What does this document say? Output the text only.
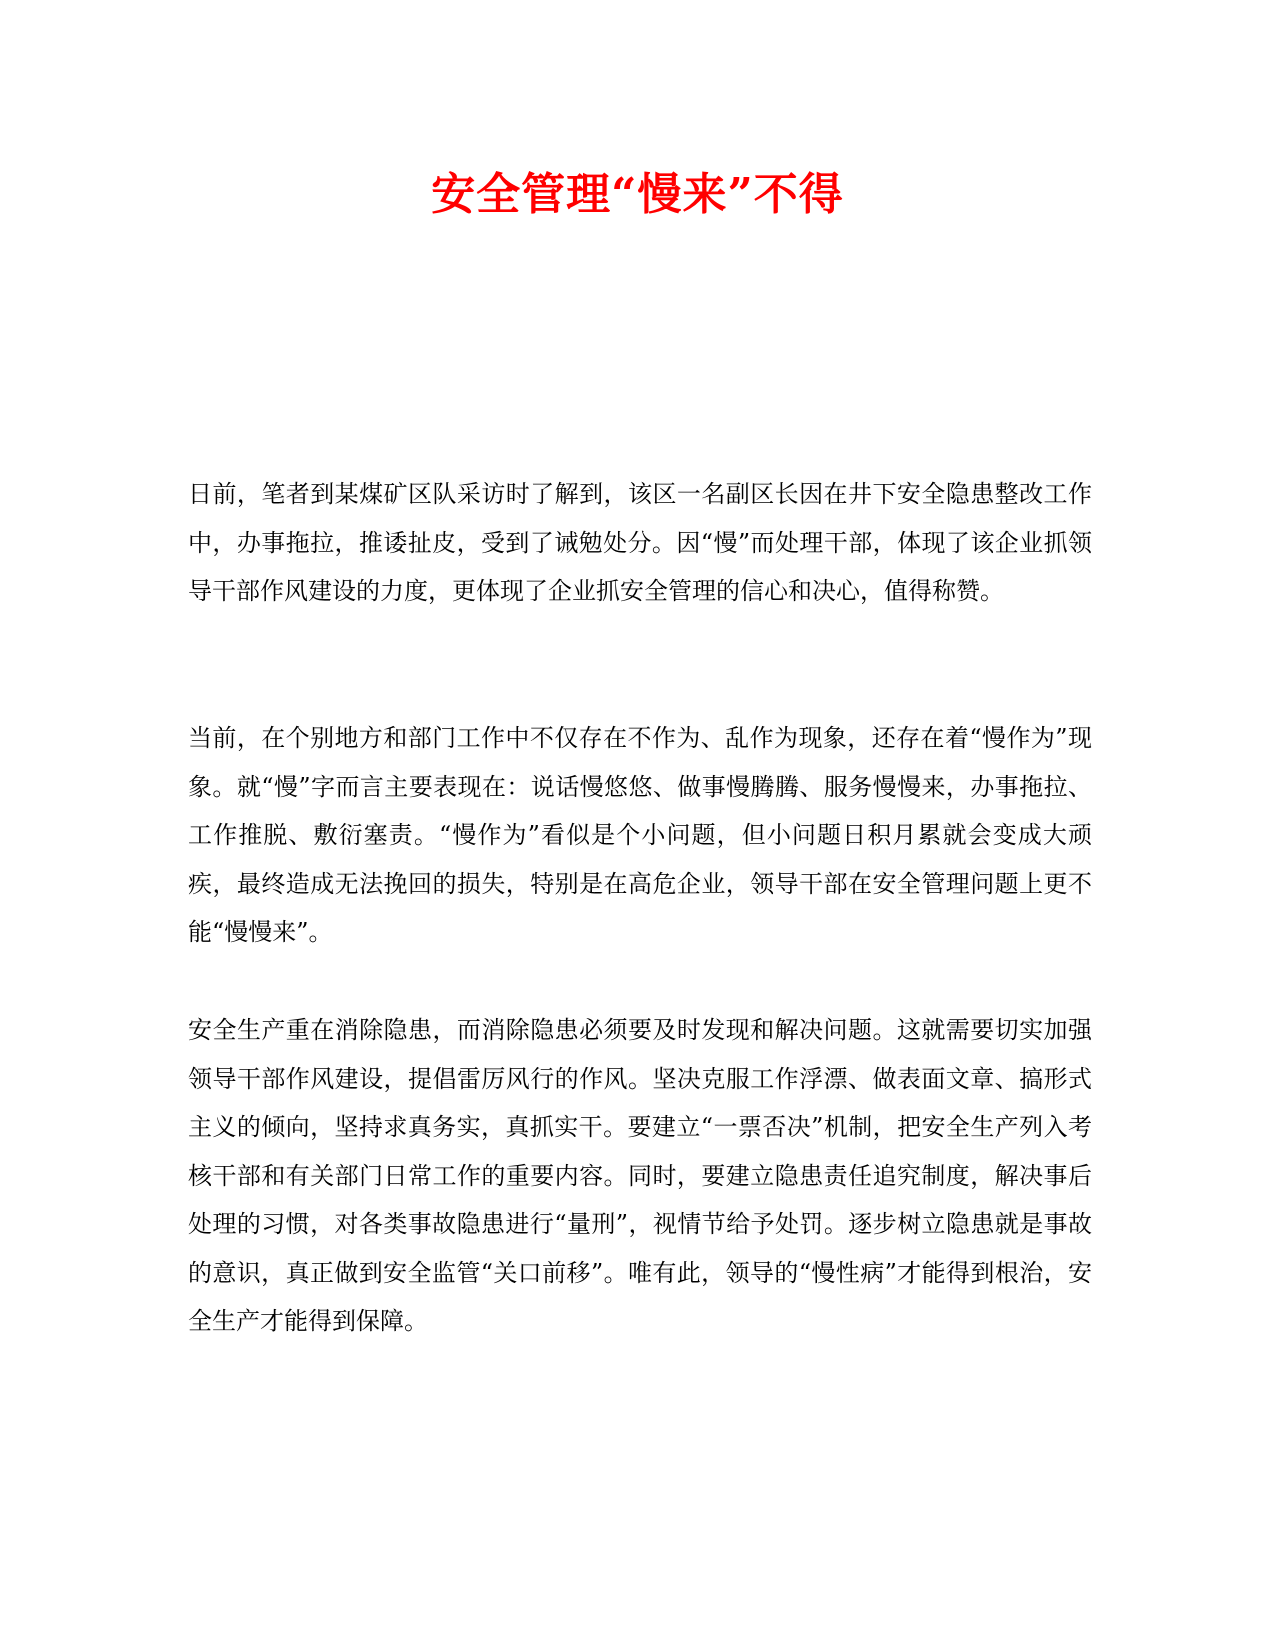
安全管理“慢来”不得

日前，笔者到某煤矿区队采访时了解到，该区一名副区长因在井下安全隐患整改工作中，办事拖拉，推诿扯皮，受到了诫勉处分。因“慢”而处理干部，体现了该企业抓领导干部作风建设的力度，更体现了企业抓安全管理的信心和决心，值得称赞。

当前，在个别地方和部门工作中不仅存在不作为、乱作为现象，还存在着“慢作为”现象。就“慢”字而言主要表现在：说话慢悠悠、做事慢腾腾、服务慢慢来，办事拖拉、工作推脱、敷衍塞责。“慢作为”看似是个小问题，但小问题日积月累就会变成大顽疾，最终造成无法挽回的损失，特别是在高危企业，领导干部在安全管理问题上更不能“慢慢来”。

安全生产重在消除隐患，而消除隐患必须要及时发现和解决问题。这就需要切实加强领导干部作风建设，提倡雷厉风行的作风。坚决克服工作浮漂、做表面文章、搞形式主义的倾向，坚持求真务实，真抓实干。要建立“一票否决”机制，把安全生产列入考核干部和有关部门日常工作的重要内容。同时，要建立隐患责任追究制度，解决事后处理的习惯，对各类事故隐患进行“量刑”，视情节给予处罚。逐步树立隐患就是事故的意识，真正做到安全监管“关口前移”。唯有此，领导的“慢性病”才能得到根治，安全生产才能得到保障。
